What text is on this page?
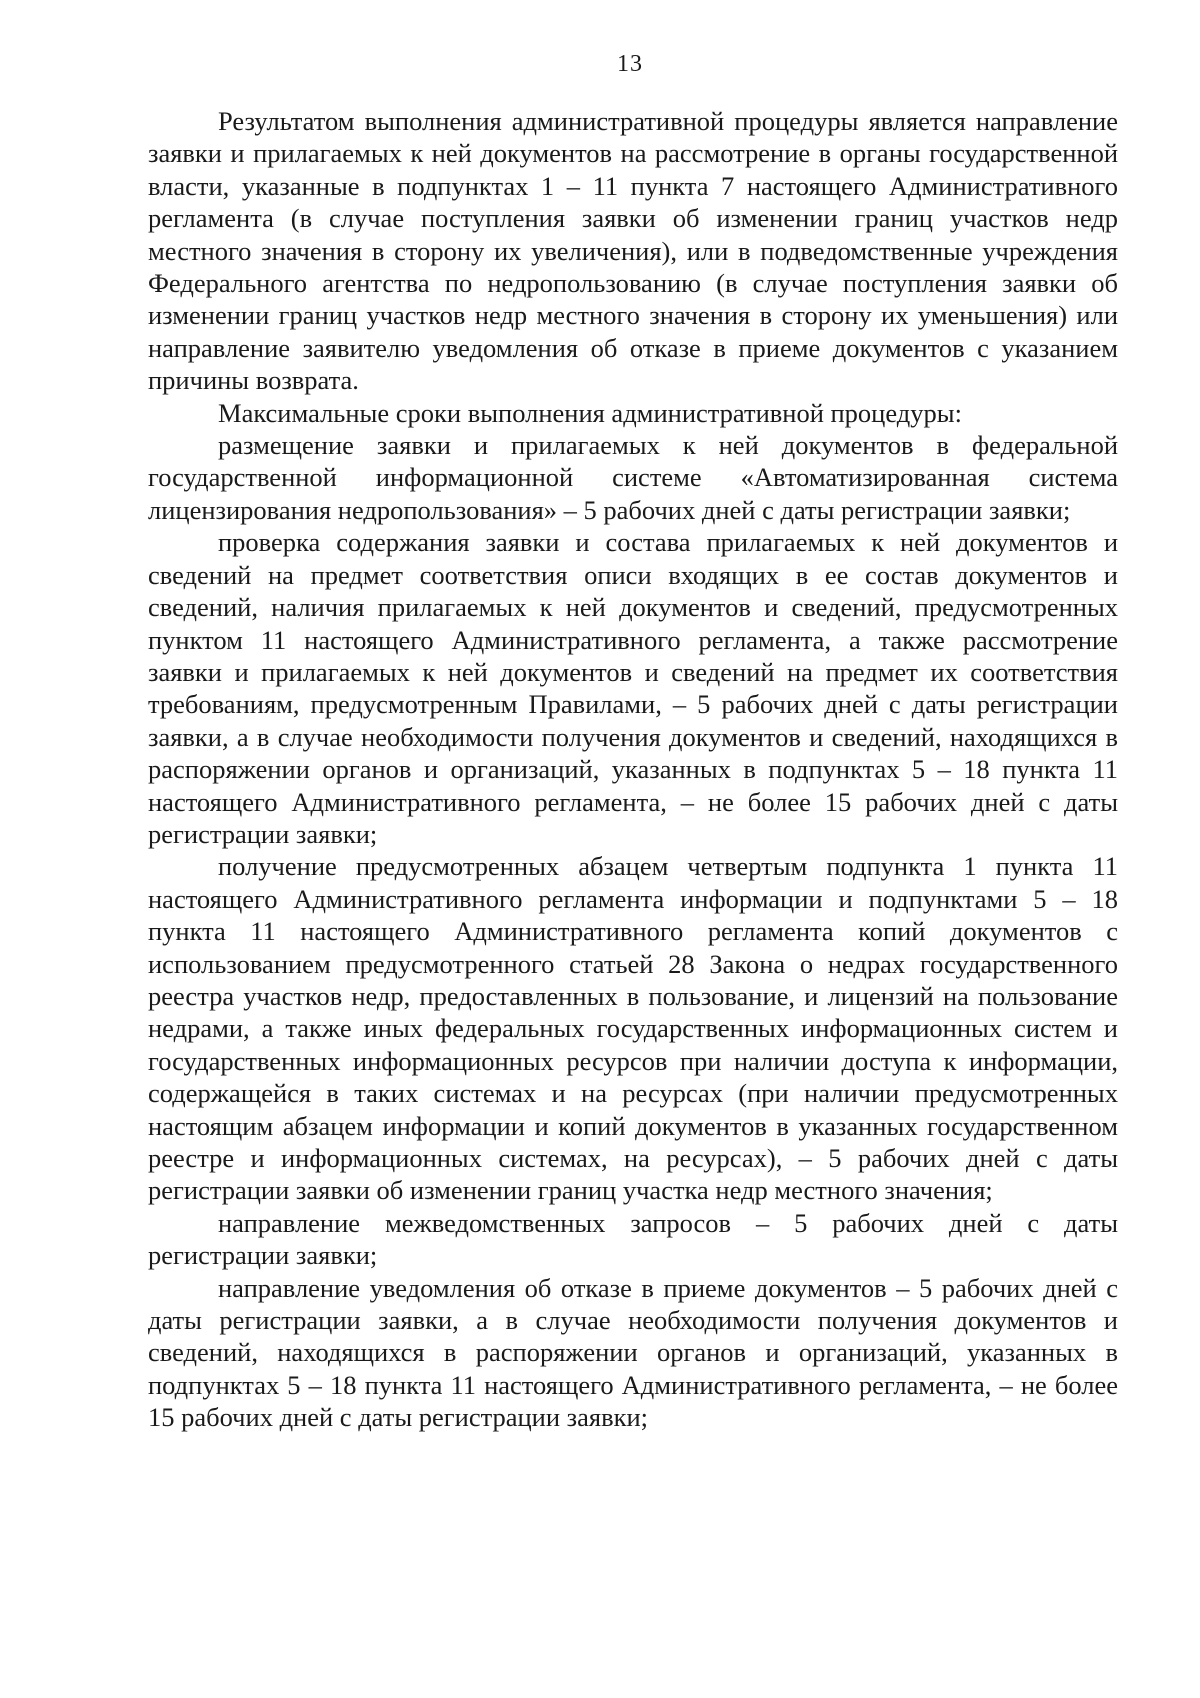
13

Результатом выполнения административной процедуры является направление заявки и прилагаемых к ней документов на рассмотрение в органы государственной власти, указанные в подпунктах 1 – 11 пункта 7 настоящего Административного регламента (в случае поступления заявки об изменении границ участков недр местного значения в сторону их увеличения), или в подведомственные учреждения Федерального агентства по недропользованию (в случае поступления заявки об изменении границ участков недр местного значения в сторону их уменьшения) или направление заявителю уведомления об отказе в приеме документов с указанием причины возврата.

Максимальные сроки выполнения административной процедуры:

размещение заявки и прилагаемых к ней документов в федеральной государственной информационной системе «Автоматизированная система лицензирования недропользования» – 5 рабочих дней с даты регистрации заявки;

проверка содержания заявки и состава прилагаемых к ней документов и сведений на предмет соответствия описи входящих в ее состав документов и сведений, наличия прилагаемых к ней документов и сведений, предусмотренных пунктом 11 настоящего Административного регламента, а также рассмотрение заявки и прилагаемых к ней документов и сведений на предмет их соответствия требованиям, предусмотренным Правилами, – 5 рабочих дней с даты регистрации заявки, а в случае необходимости получения документов и сведений, находящихся в распоряжении органов и организаций, указанных в подпунктах 5 – 18 пункта 11 настоящего Административного регламента, – не более 15 рабочих дней с даты регистрации заявки;

получение предусмотренных абзацем четвертым подпункта 1 пункта 11 настоящего Административного регламента информации и подпунктами 5 – 18 пункта 11 настоящего Административного регламента копий документов с использованием предусмотренного статьей 28 Закона о недрах государственного реестра участков недр, предоставленных в пользование, и лицензий на пользование недрами, а также иных федеральных государственных информационных систем и государственных информационных ресурсов при наличии доступа к информации, содержащейся в таких системах и на ресурсах (при наличии предусмотренных настоящим абзацем информации и копий документов в указанных государственном реестре и информационных системах, на ресурсах), – 5 рабочих дней с даты регистрации заявки об изменении границ участка недр местного значения;

направление межведомственных запросов – 5 рабочих дней с даты регистрации заявки;

направление уведомления об отказе в приеме документов – 5 рабочих дней с даты регистрации заявки, а в случае необходимости получения документов и сведений, находящихся в распоряжении органов и организаций, указанных в подпунктах 5 – 18 пункта 11 настоящего Административного регламента, – не более 15 рабочих дней с даты регистрации заявки;
